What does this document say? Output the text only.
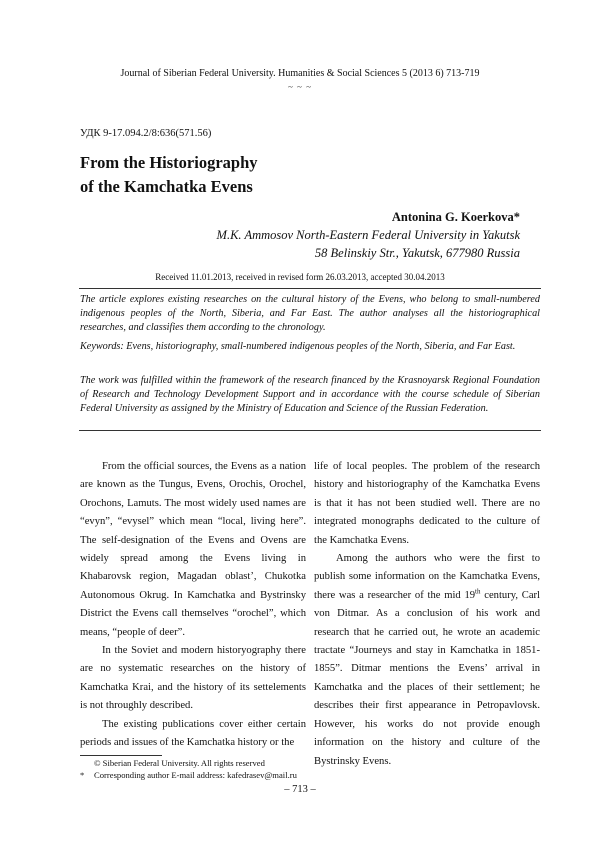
Journal of Siberian Federal University. Humanities & Social Sciences 5 (2013 6) 713-719
~ ~ ~
УДК 9-17.094.2/8:636(571.56)
From the Historiography
of the Kamchatka Evens
Antonina G. Koerkova*
M.K. Ammosov North-Eastern Federal University in Yakutsk
58 Belinskiy Str., Yakutsk, 677980 Russia
Received 11.01.2013, received in revised form 26.03.2013, accepted 30.04.2013
The article explores existing researches on the cultural history of the Evens, who belong to small-numbered indigenous peoples of the North, Siberia, and Far East. The author analyses all the historiographical researches, and classifies them according to the chronology.
Keywords: Evens, historiography, small-numbered indigenous peoples of the North, Siberia, and Far East.
The work was fulfilled within the framework of the research financed by the Krasnoyarsk Regional Foundation of Research and Technology Development Support and in accordance with the course schedule of Siberian Federal University as assigned by the Ministry of Education and Science of the Russian Federation.

From the official sources, the Evens as a nation are known as the Tungus, Evens, Orochis, Orochel, Orochons, Lamuts. The most widely used names are “evyn”, “evysel” which mean “local, living here”. The self-designation of the Evens and Ovens are widely spread among the Evens living in Khabarovsk region, Magadan oblast’, Chukotka Autonomous Okrug. In Kamchatka and Bystrinsky District the Evens call themselves “orochel”, which means, “people of deer”.

In the Soviet and modern historyography there are no systematic researches on the history of Kamchatka Krai, and the history of its settelements is not throughly described.

The existing publications cover either certain periods and issues of the Kamchatka history or the

life of local peoples. The problem of the research history and historiography of the Kamchatka Evens is that it has not been studied well. There are no integrated monographs dedicated to the culture of the Kamchatka Evens.

Among the authors who were the first to publish some information on the Kamchatka Evens, there was a researcher of the mid 19th century, Carl von Ditmar. As a conclusion of his work and research that he carried out, he wrote an academic tractate “Journeys and stay in Kamchatka in 1851-1855”. Ditmar mentions the Evens’ arrival in Kamchatka and the places of their settlement; he describes their first appearance in Petropavlovsk. However, his works do not provide enough information on the history and culture of the Bystrinsky Evens.

© Siberian Federal University. All rights reserved
* Corresponding author E-mail address: kafedrasev@mail.ru
– 713 –
